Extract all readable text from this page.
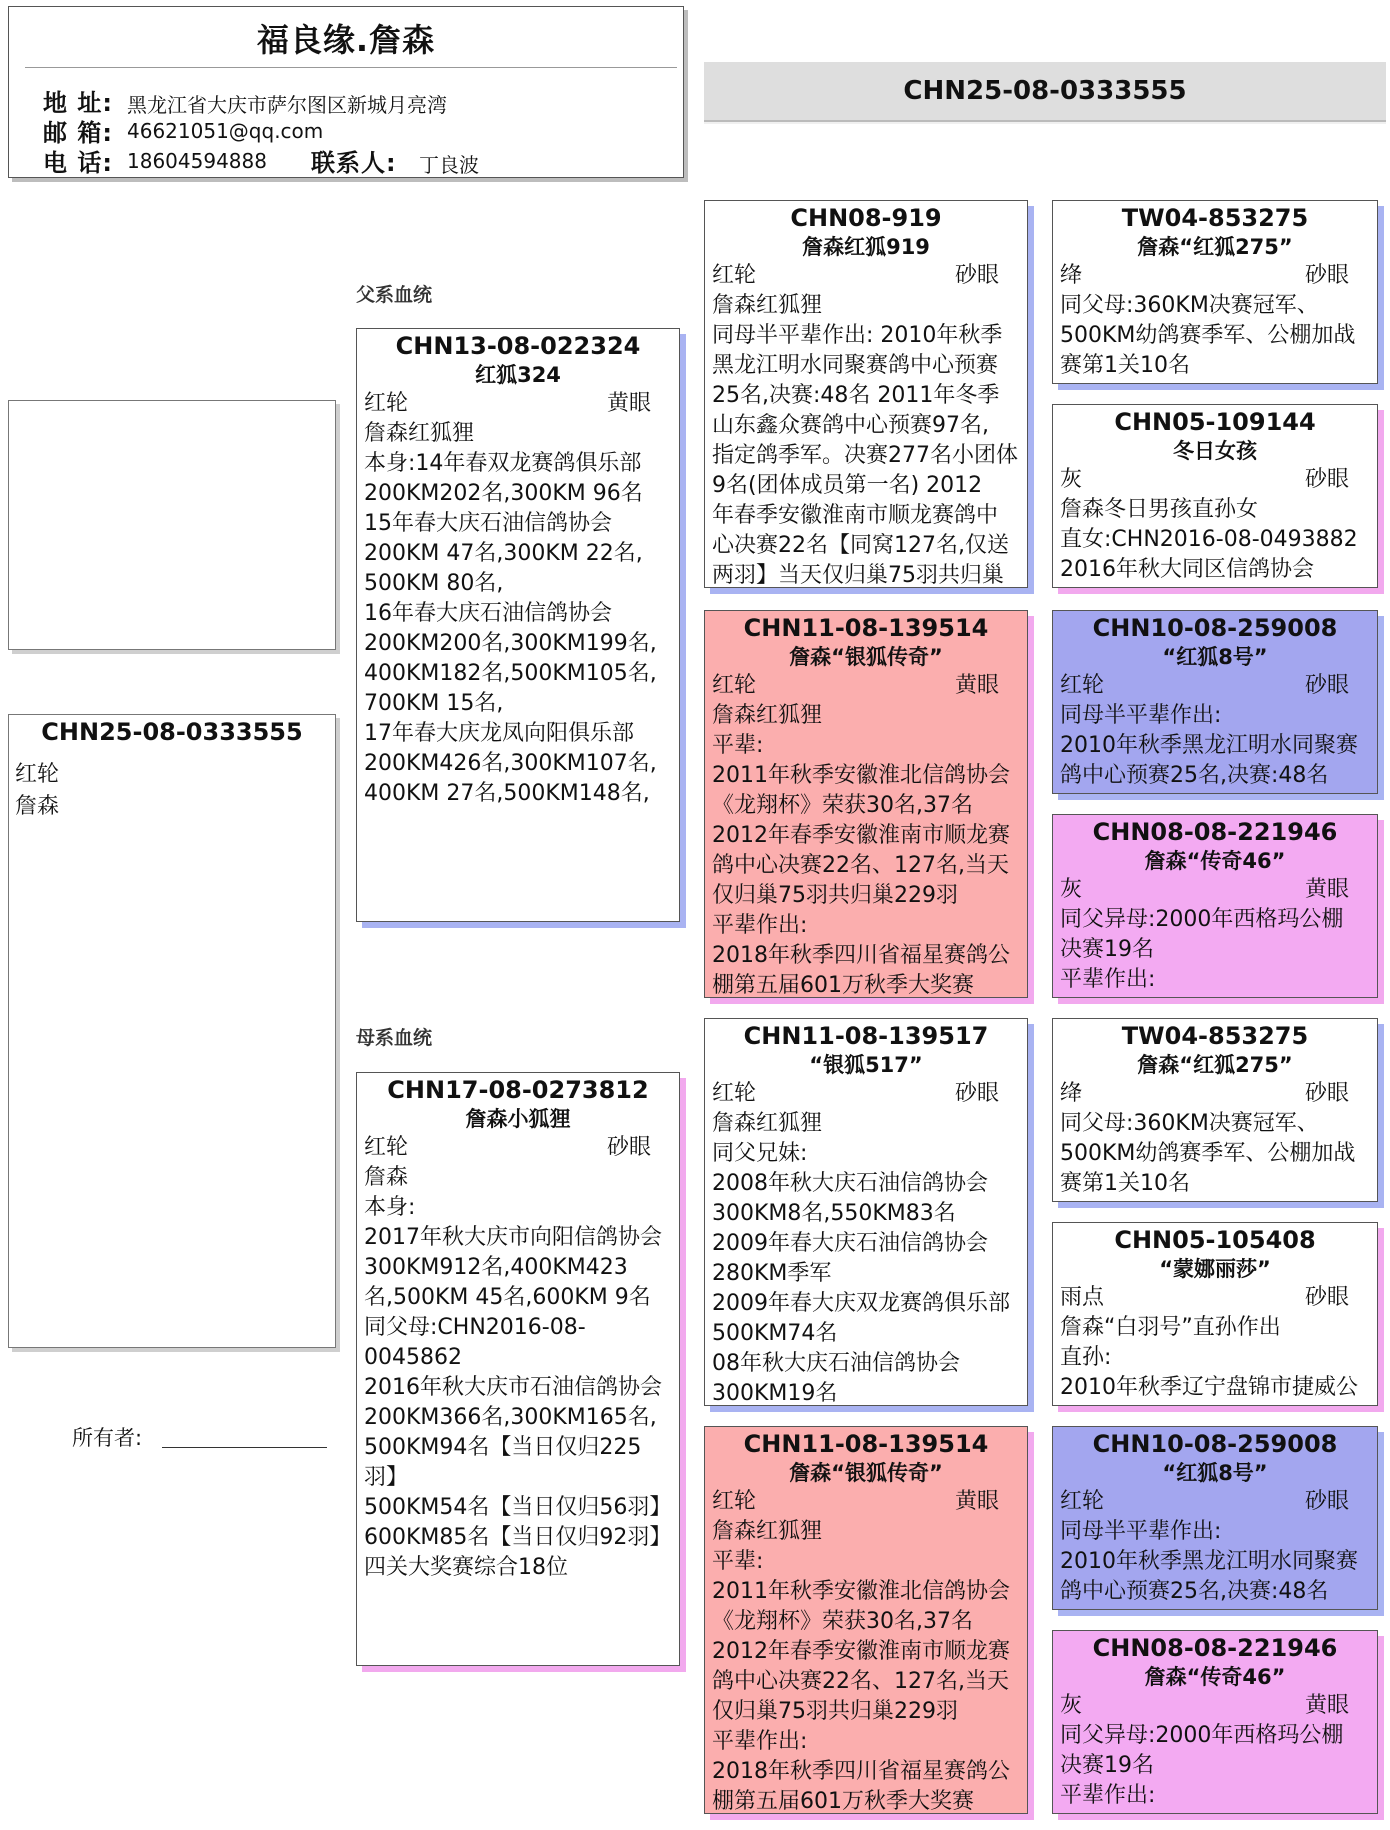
福良缘.詹森
地 址: 黑龙江省大庆市萨尔图区新城月亮湾
邮 箱: 46621051@qq.com
电 话: 18604594888 联系人: 丁良波
CHN25-08-0333555
父系血统
母系血统
CHN25-08-0333555
红轮
詹森
所有者:
CHN13-08-022324
红狐324
红轮	黄眼
詹森红狐狸
本身:14年春双龙赛鸽俱乐部
200KM202名,300KM 96名
15年春大庆石油信鸽协会
200KM 47名,300KM 22名,
500KM 80名,
16年春大庆石油信鸽协会
200KM200名,300KM199名,
400KM182名,500KM105名,
700KM 15名,
17年春大庆龙凤向阳俱乐部
200KM426名,300KM107名,
400KM 27名,500KM148名,
CHN17-08-0273812
詹森小狐狸
红轮	砂眼
詹森
本身:
2017年秋大庆市向阳信鸽协会
300KM912名,400KM423
名,500KM 45名,600KM 9名
同父母:CHN2016-08-
0045862
2016年秋大庆市石油信鸽协会
200KM366名,300KM165名,
500KM94名【当日仅归225
羽】
500KM54名【当日仅归56羽】
600KM85名【当日仅归92羽】
四关大奖赛综合18位
CHN08-919
詹森红狐919
红轮	砂眼
詹森红狐狸
同母半平辈作出: 2010年秋季
黑龙江明水同聚赛鸽中心预赛
25名,决赛:48名 2011年冬季
山东鑫众赛鸽中心预赛97名,
指定鸽季军。决赛277名小团体
9名(团体成员第一名) 2012
年春季安徽淮南市顺龙赛鸽中
心决赛22名【同窝127名,仅送
两羽】当天仅归巢75羽共归巢
CHN11-08-139514
詹森“银狐传奇”
红轮	黄眼
詹森红狐狸
平辈:
2011年秋季安徽淮北信鸽协会
《龙翔杯》荣获30名,37名
2012年春季安徽淮南市顺龙赛
鸽中心决赛22名、127名,当天
仅归巢75羽共归巢229羽
平辈作出:
2018年秋季四川省福星赛鸽公
棚第五届601万秋季大奖赛
CHN11-08-139517
“银狐517”
红轮	砂眼
詹森红狐狸
同父兄妹:
2008年秋大庆石油信鸽协会
300KM8名,550KM83名
2009年春大庆石油信鸽协会
280KM季军
2009年春大庆双龙赛鸽俱乐部
500KM74名
08年秋大庆石油信鸽协会
300KM19名
CHN11-08-139514
詹森“银狐传奇”
红轮	黄眼
詹森红狐狸
平辈:
2011年秋季安徽淮北信鸽协会
《龙翔杯》荣获30名,37名
2012年春季安徽淮南市顺龙赛
鸽中心决赛22名、127名,当天
仅归巢75羽共归巢229羽
平辈作出:
2018年秋季四川省福星赛鸽公
棚第五届601万秋季大奖赛
TW04-853275
詹森“红狐275”
绛	砂眼
同父母:360KM决赛冠军、
500KM幼鸽赛季军、公棚加战
赛第1关10名
CHN05-109144
冬日女孩
灰	砂眼
詹森冬日男孩直孙女
直女:CHN2016-08-0493882
2016年秋大同区信鸽协会
CHN10-08-259008
“红狐8号”
红轮	砂眼
同母半平辈作出:
2010年秋季黑龙江明水同聚赛
鸽中心预赛25名,决赛:48名
CHN08-08-221946
詹森“传奇46”
灰	黄眼
同父异母:2000年西格玛公棚
决赛19名
平辈作出:
TW04-853275
詹森“红狐275”
绛	砂眼
同父母:360KM决赛冠军、
500KM幼鸽赛季军、公棚加战
赛第1关10名
CHN05-105408
“蒙娜丽莎”
雨点	砂眼
詹森“白羽号”直孙作出
直孙:
2010年秋季辽宁盘锦市捷威公
CHN10-08-259008
“红狐8号”
红轮	砂眼
同母半平辈作出:
2010年秋季黑龙江明水同聚赛
鸽中心预赛25名,决赛:48名
CHN08-08-221946
詹森“传奇46”
灰	黄眼
同父异母:2000年西格玛公棚
决赛19名
平辈作出:
